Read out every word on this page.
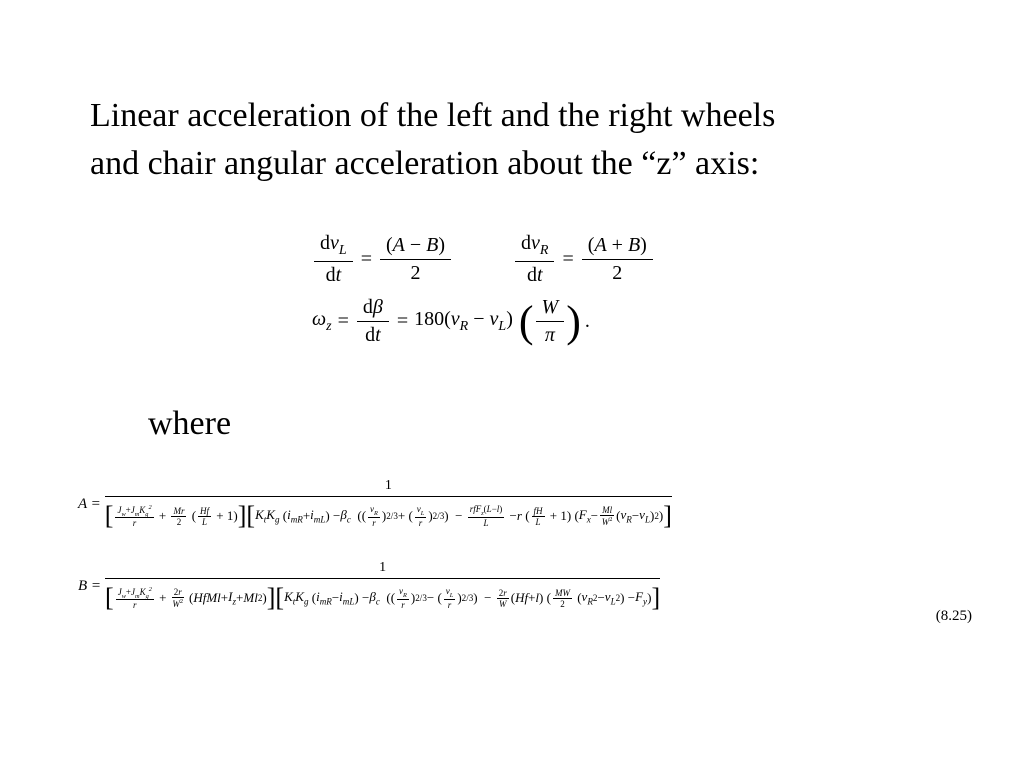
Linear acceleration of the left and the right wheels
and chair angular acceleration about the “z” axis:
$\frac{dv_L}{dt} = \frac{(A - B)}{2}$	$\frac{dv_R}{dt} = \frac{(A + B)}{2}$
$\omega_z = \frac{d\beta}{dt} = 180(v_R - v_L)$ ( $\frac{W}{\pi}$ ) .
where
A =
1
[ $J_w+J_mK_g^2$
r
+ Mr
2 ( Hf
L + 1) ] [ $K_tK_g$ ( $i_{mR} + i_{mL}$ ) − $\beta_c$ (( $v_R$
r ) 2/3 + ( $v_L$
r ) 2/3 )  − rfF$_z$(L−l)
L − r ( fH
L + 1) ( $F_x - Ml$
$W^2$ ( $v_R - v_L$ ) 2 ) ]
B =
1
[ $J_w+J_mK_g^2$
r
+ 2r
$W^2$ ( HfMl + $I_z + Ml$ 2 ) ] [ $K_tK_g$ ( $i_{mR} - i_{mL}$ ) − $\beta_c$ (( $v_R$
r ) 2/3 − ( $v_L$
r ) 2/3 )  − 2r
W ( Hf + l ) ( MW
2 ( $v_R$ $2 - v_L$ 2 ) − $F_y$ ) ]
(8.25)
